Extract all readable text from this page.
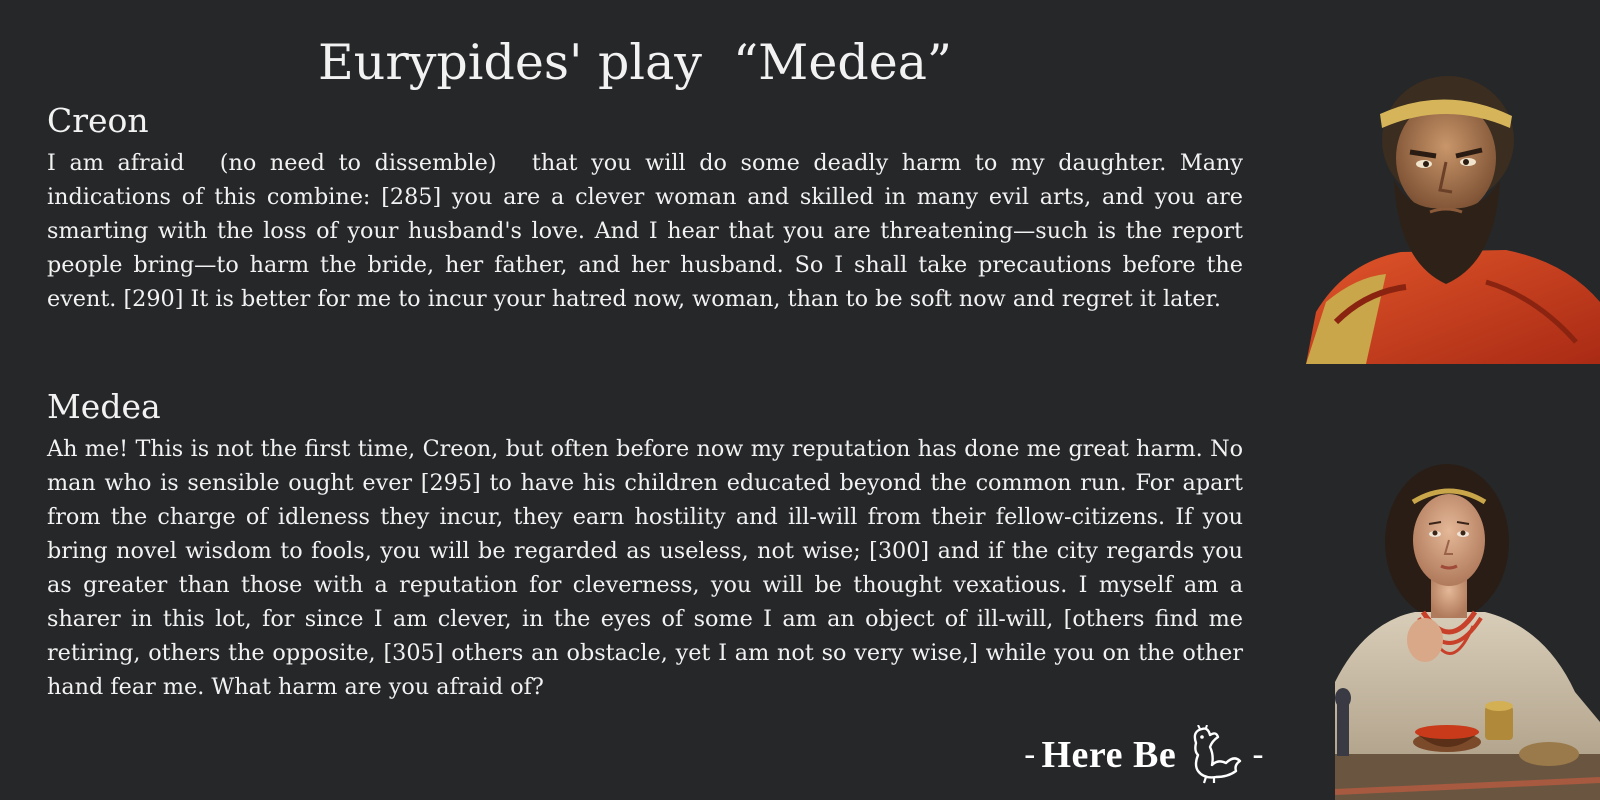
Eurypides' play  “Medea”
Creon

I am afraid　(no need to dissemble)　that you will do some deadly harm to my daughter. Many indications of this combine: [285] you are a clever woman and skilled in many evil arts, and you are smarting with the loss of your husband's love. And I hear that you are threatening—such is the report people bring—to harm the bride, her father, and her husband. So I shall take precautions before the event. [290] It is better for me to incur your hatred now, woman, than to be soft now and regret it later.

Medea

Ah me! This is not the first time, Creon, but often before now my reputation has done me great harm. No man who is sensible ought ever [295] to have his children educated beyond the common run. For apart from the charge of idleness they incur, they earn hostility and ill-will from their fellow-citizens. If you bring novel wisdom to fools, you will be regarded as useless, not wise; [300] and if the city regards you as greater than those with a reputation for cleverness, you will be thought vexatious. I myself am a sharer in this lot, for since I am clever, in the eyes of some I am an object of ill-will, [others find me retiring, others the opposite, [305] others an obstacle, yet I am not so very wise,] while you on the other hand fear me. What harm are you afraid of?

- Here Be -
